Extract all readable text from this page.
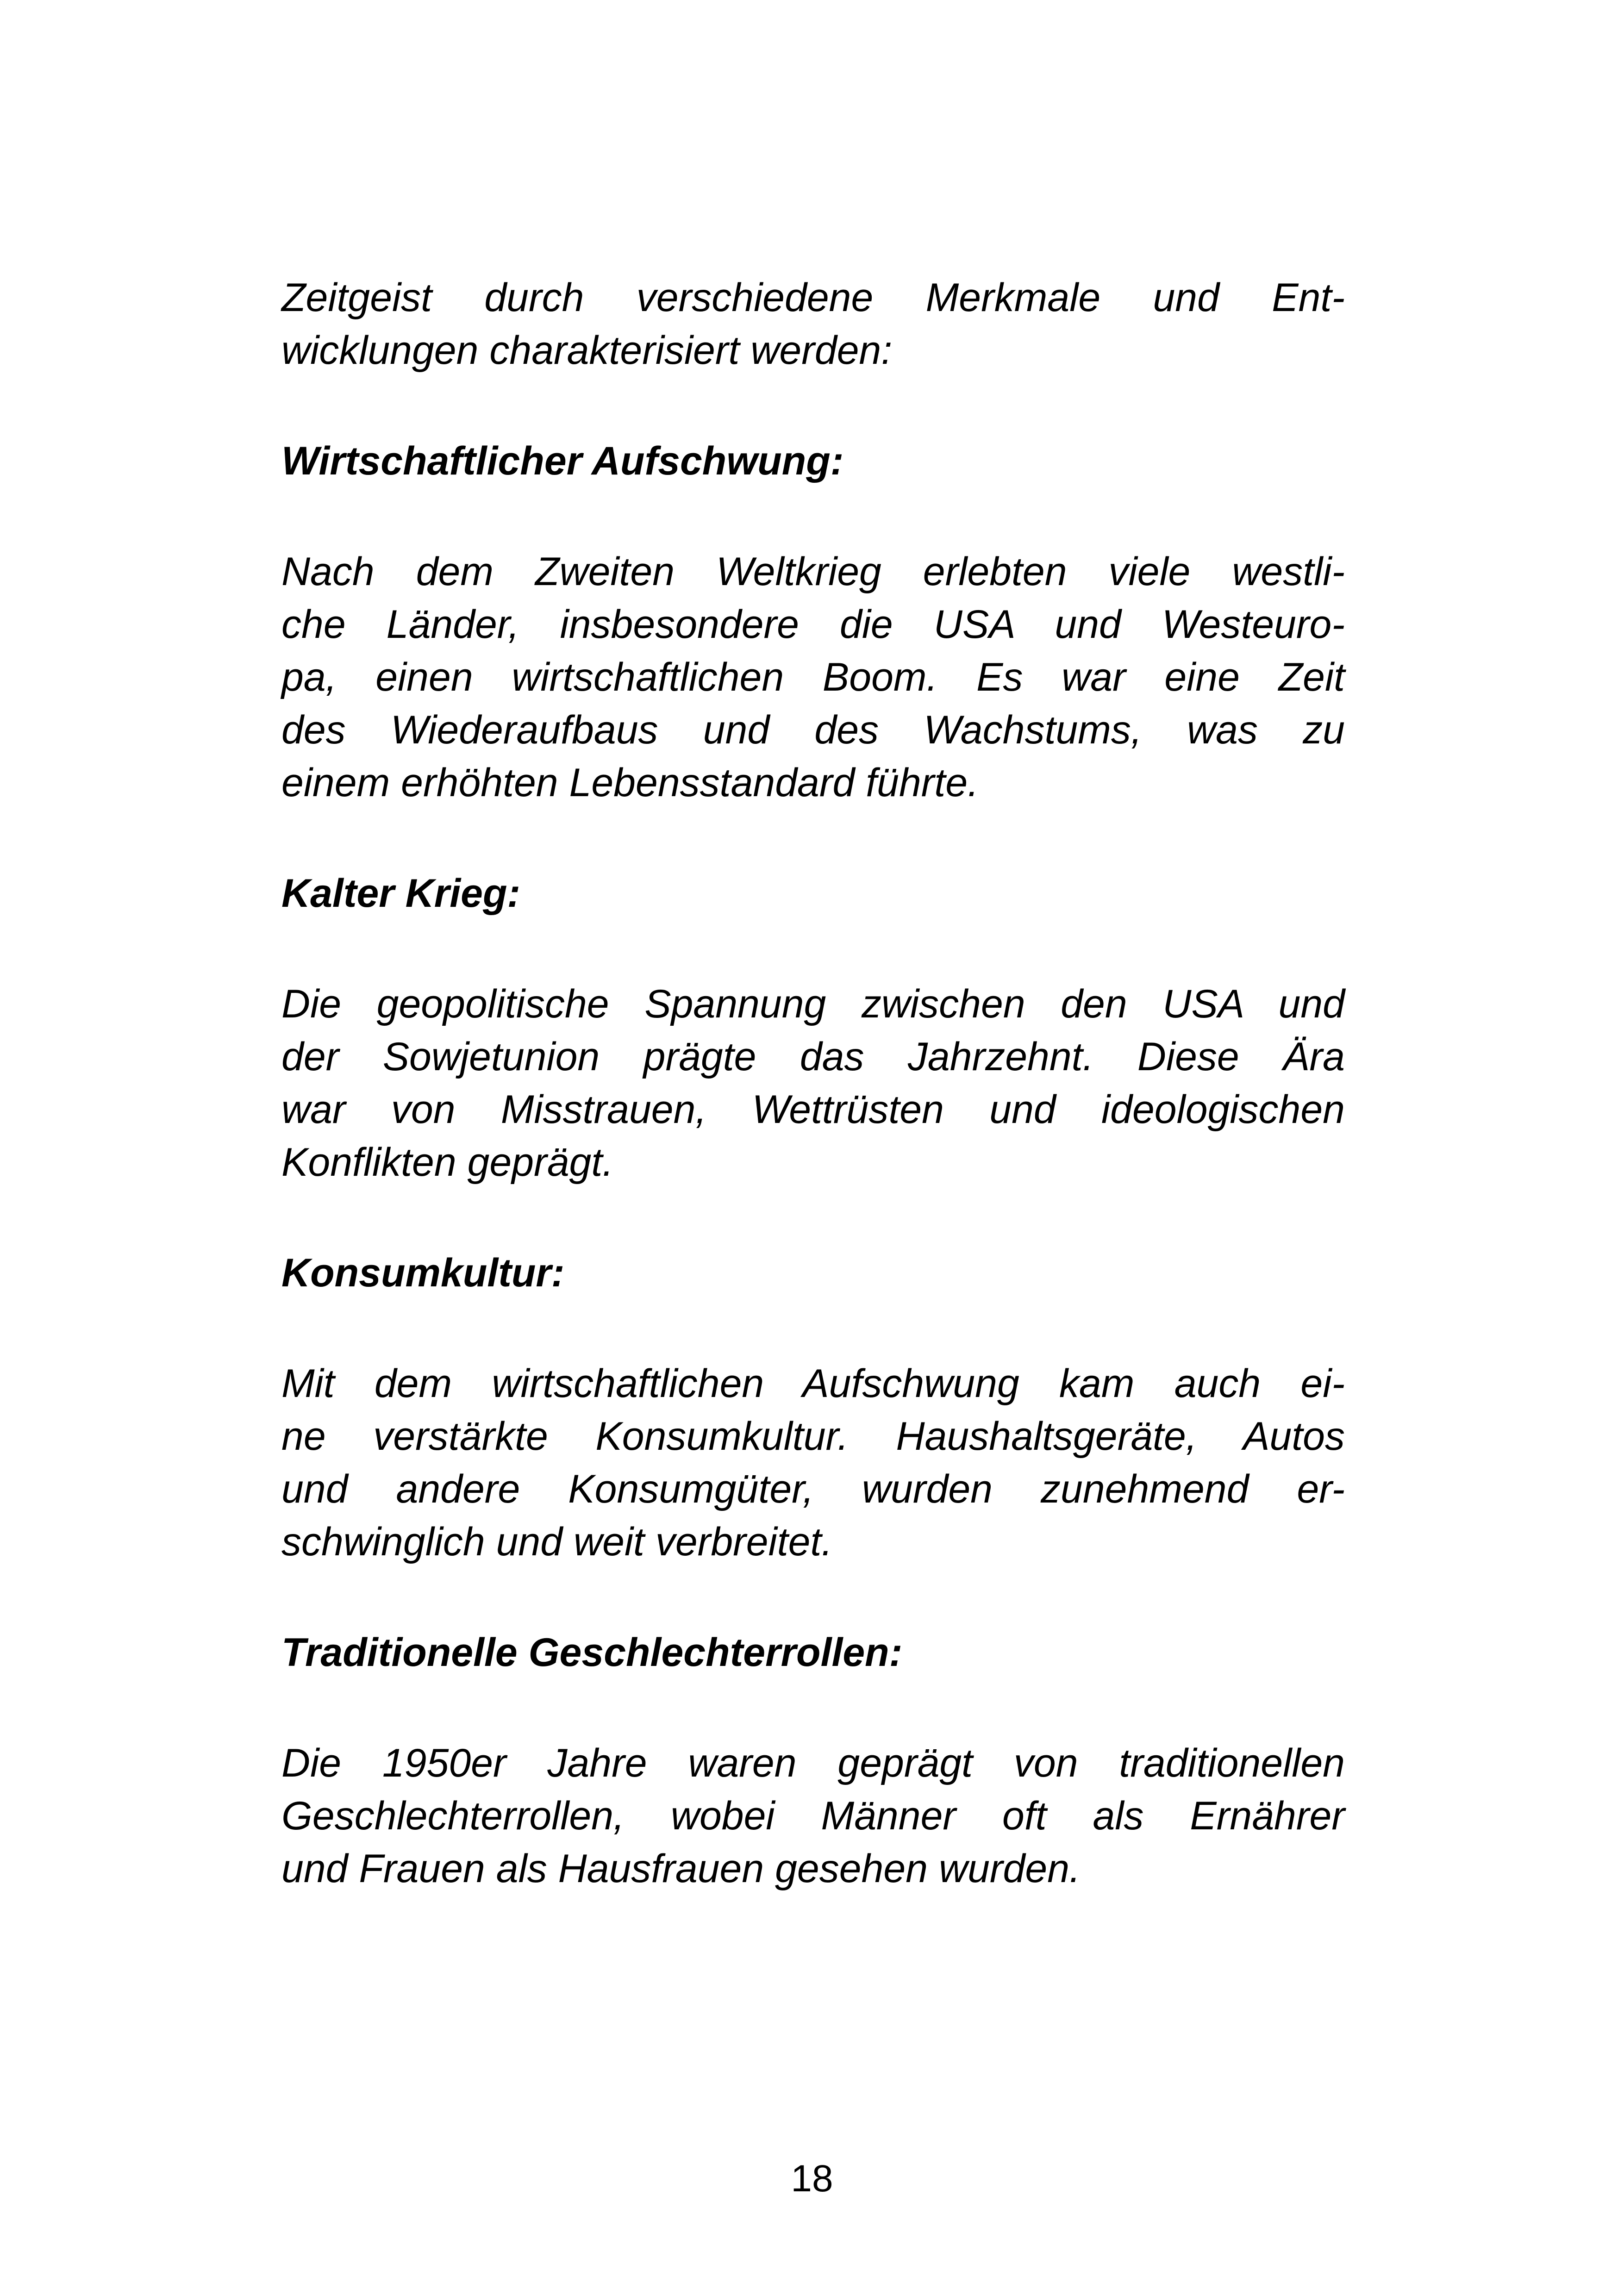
Zeitgeist durch verschiedene Merkmale und Ent-
wicklungen charakterisiert werden:
Wirtschaftlicher Aufschwung:
Nach dem Zweiten Weltkrieg erlebten viele westli-
che Länder, insbesondere die USA und Westeuro-
pa, einen wirtschaftlichen Boom. Es war eine Zeit
des Wiederaufbaus und des Wachstums, was zu
einem erhöhten Lebensstandard führte.
Kalter Krieg:
Die geopolitische Spannung zwischen den USA und
der Sowjetunion prägte das Jahrzehnt. Diese Ära
war von Misstrauen, Wettrüsten und ideologischen
Konflikten geprägt.
Konsumkultur:
Mit dem wirtschaftlichen Aufschwung kam auch ei-
ne verstärkte Konsumkultur. Haushaltsgeräte, Autos
und andere Konsumgüter, wurden zunehmend er-
schwinglich und weit verbreitet.
Traditionelle Geschlechterrollen:
Die 1950er Jahre waren geprägt von traditionellen
Geschlechterrollen, wobei Männer oft als Ernährer
und Frauen als Hausfrauen gesehen wurden.
18
